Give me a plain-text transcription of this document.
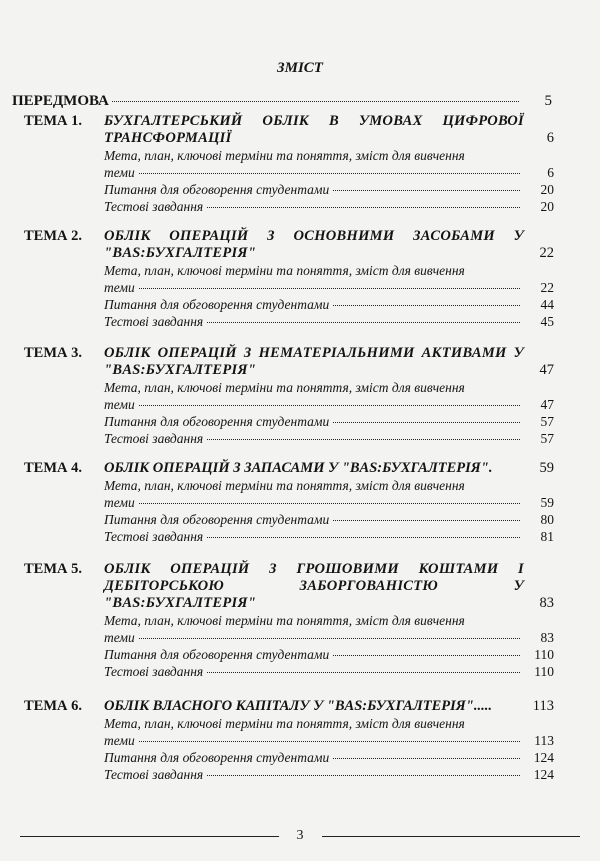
ЗМІСТ
ПЕРЕДМОВА	5
ТЕМА 1.	БУХГАЛТЕРСЬКИЙ ОБЛІК В УМОВАХ ЦИФРОВОЇ ТРАНСФОРМАЦІЇ	6
Мета, план, ключові терміни та поняття, зміст для вивчення
теми	6
Питання для обговорення студентами	20
Тестові завдання	20
ТЕМА 2.	ОБЛІК ОПЕРАЦІЙ З ОСНОВНИМИ ЗАСОБАМИ У "BAS:БУХГАЛТЕРІЯ"	22
Мета, план, ключові терміни та поняття, зміст для вивчення
теми	22
Питання для обговорення студентами	44
Тестові завдання	45
ТЕМА 3.	ОБЛІК ОПЕРАЦІЙ З НЕМАТЕРІАЛЬНИМИ АКТИВАМИ У "BAS:БУХГАЛТЕРІЯ"	47
Мета, план, ключові терміни та поняття, зміст для вивчення
теми	47
Питання для обговорення студентами	57
Тестові завдання	57
ТЕМА 4.	ОБЛІК ОПЕРАЦІЙ З ЗАПАСАМИ У "BAS:БУХГАЛТЕРІЯ".	59
Мета, план, ключові терміни та поняття, зміст для вивчення
теми	59
Питання для обговорення студентами	80
Тестові завдання	81
ТЕМА 5.	ОБЛІК ОПЕРАЦІЙ З ГРОШОВИМИ КОШТАМИ І ДЕБІТОРСЬКОЮ ЗАБОРГОВАНІСТЮ У "BAS:БУХГАЛТЕРІЯ"	83
Мета, план, ключові терміни та поняття, зміст для вивчення
теми	83
Питання для обговорення студентами	110
Тестові завдання	110
ТЕМА 6.	ОБЛІК ВЛАСНОГО КАПІТАЛУ У "BAS:БУХГАЛТЕРІЯ".....	113
Мета, план, ключові терміни та поняття, зміст для вивчення
теми	113
Питання для обговорення студентами	124
Тестові завдання	124
3
